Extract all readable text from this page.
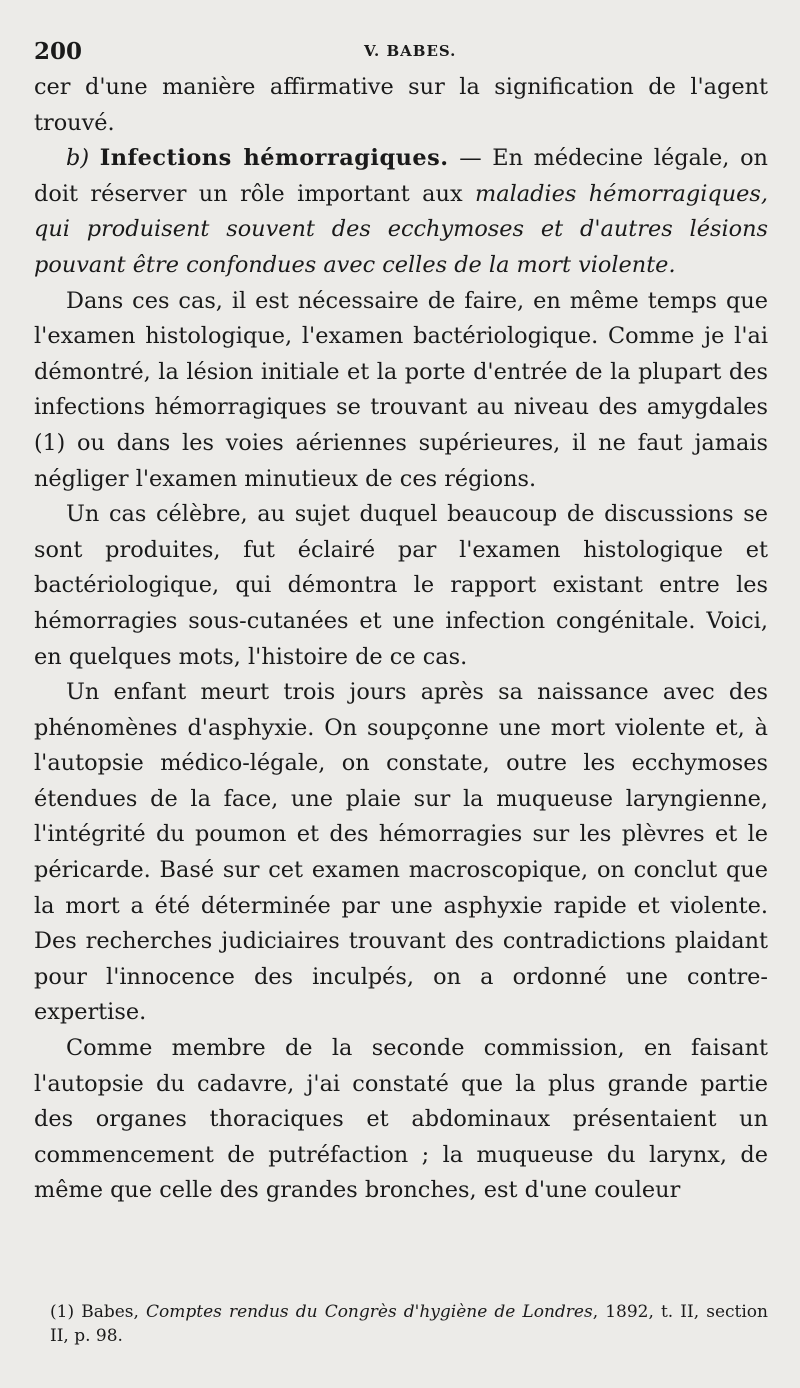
200	V. BABES.

cer d'une manière affirmative sur la signification de l'agent trouvé.

b) Infections hémorragiques. — En médecine légale, on doit réserver un rôle important aux maladies hémorragiques, qui produisent souvent des ecchymoses et d'autres lésions pouvant être confondues avec celles de la mort violente.

Dans ces cas, il est nécessaire de faire, en même temps que l'examen histologique, l'examen bactériologique. Comme je l'ai démontré, la lésion initiale et la porte d'entrée de la plupart des infections hémorragiques se trouvant au niveau des amygdales (1) ou dans les voies aériennes supérieures, il ne faut jamais négliger l'examen minutieux de ces régions.

Un cas célèbre, au sujet duquel beaucoup de discussions se sont produites, fut éclairé par l'examen histologique et bactériologique, qui démontra le rapport existant entre les hémorragies sous-cutanées et une infection congénitale. Voici, en quelques mots, l'histoire de ce cas.

Un enfant meurt trois jours après sa naissance avec des phénomènes d'asphyxie. On soupçonne une mort violente et, à l'autopsie médico-légale, on constate, outre les ecchymoses étendues de la face, une plaie sur la muqueuse laryngienne, l'intégrité du poumon et des hémorragies sur les plèvres et le péricarde. Basé sur cet examen macroscopique, on conclut que la mort a été déterminée par une asphyxie rapide et violente. Des recherches judiciaires trouvant des contradictions plaidant pour l'innocence des inculpés, on a ordonné une contre-expertise.

Comme membre de la seconde commission, en faisant l'autopsie du cadavre, j'ai constaté que la plus grande partie des organes thoraciques et abdominaux présentaient un commencement de putréfaction ; la muqueuse du larynx, de même que celle des grandes bronches, est d'une couleur

(1) Babes, Comptes rendus du Congrès d'hygiène de Londres, 1892, t. II, section II, p. 98.
